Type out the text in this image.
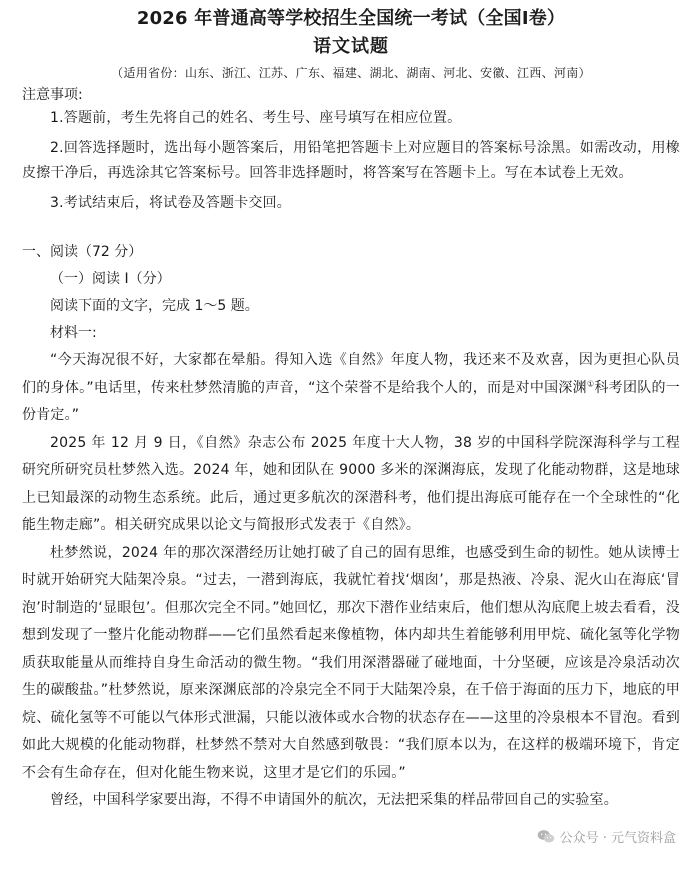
2026 年普通高等学校招生全国统一考试（全国I卷）
语文试题

（适用省份：山东、浙江、江苏、广东、福建、湖北、湖南、河北、安徽、江西、河南）

注意事项:

1.答题前，考生先将自己的姓名、考生号、座号填写在相应位置。

2.回答选择题时，选出每小题答案后，用铅笔把答题卡上对应题目的答案标号涂黑。如需改动，用橡皮擦干净后，再选涂其它答案标号。回答非选择题时，将答案写在答题卡上。写在本试卷上无效。

3.考试结束后，将试卷及答题卡交回。

一、阅读（72 分）

（一）阅读 I（分）

阅读下面的文字，完成 1～5 题。

材料一:

“今天海况很不好，大家都在晕船。得知入选《自然》年度人物，我还来不及欢喜，因为更担心队员们的身体。”电话里，传来杜梦然清脆的声音，“这个荣誉不是给我个人的，而是对中国深渊①科考团队的一份肯定。”

2025 年 12 月 9 日，《自然》杂志公布 2025 年度十大人物，38 岁的中国科学院深海科学与工程研究所研究员杜梦然入选。2024 年，她和团队在 9000 多米的深渊海底，发现了化能动物群，这是地球上已知最深的动物生态系统。此后，通过更多航次的深潜科考，他们提出海底可能存在一个全球性的“化能生物走廊”。相关研究成果以论文与简报形式发表于《自然》。

杜梦然说，2024 年的那次深潜经历让她打破了自己的固有思维，也感受到生命的韧性。她从读博士时就开始研究大陆架冷泉。“过去，一潜到海底，我就忙着找‘烟囱’，那是热液、冷泉、泥火山在海底‘冒泡’时制造的‘显眼包’。但那次完全不同。”她回忆，那次下潜作业结束后，他们想从沟底爬上坡去看看，没想到发现了一整片化能动物群——它们虽然看起来像植物，体内却共生着能够利用甲烷、硫化氢等化学物质获取能量从而维持自身生命活动的微生物。“我们用深潜器碰了碰地面，十分坚硬，应该是冷泉活动次生的碳酸盐。”杜梦然说，原来深渊底部的冷泉完全不同于大陆架冷泉，在千倍于海面的压力下，地底的甲烷、硫化氢等不可能以气体形式泄漏，只能以液体或水合物的状态存在——这里的冷泉根本不冒泡。看到如此大规模的化能动物群，杜梦然不禁对大自然感到敬畏：“我们原本以为，在这样的极端环境下，肯定不会有生命存在，但对化能生物来说，这里才是它们的乐园。”

曾经，中国科学家要出海，不得不申请国外的航次，无法把采集的样品带回自己的实验室。

公众号 · 元气资料盒
